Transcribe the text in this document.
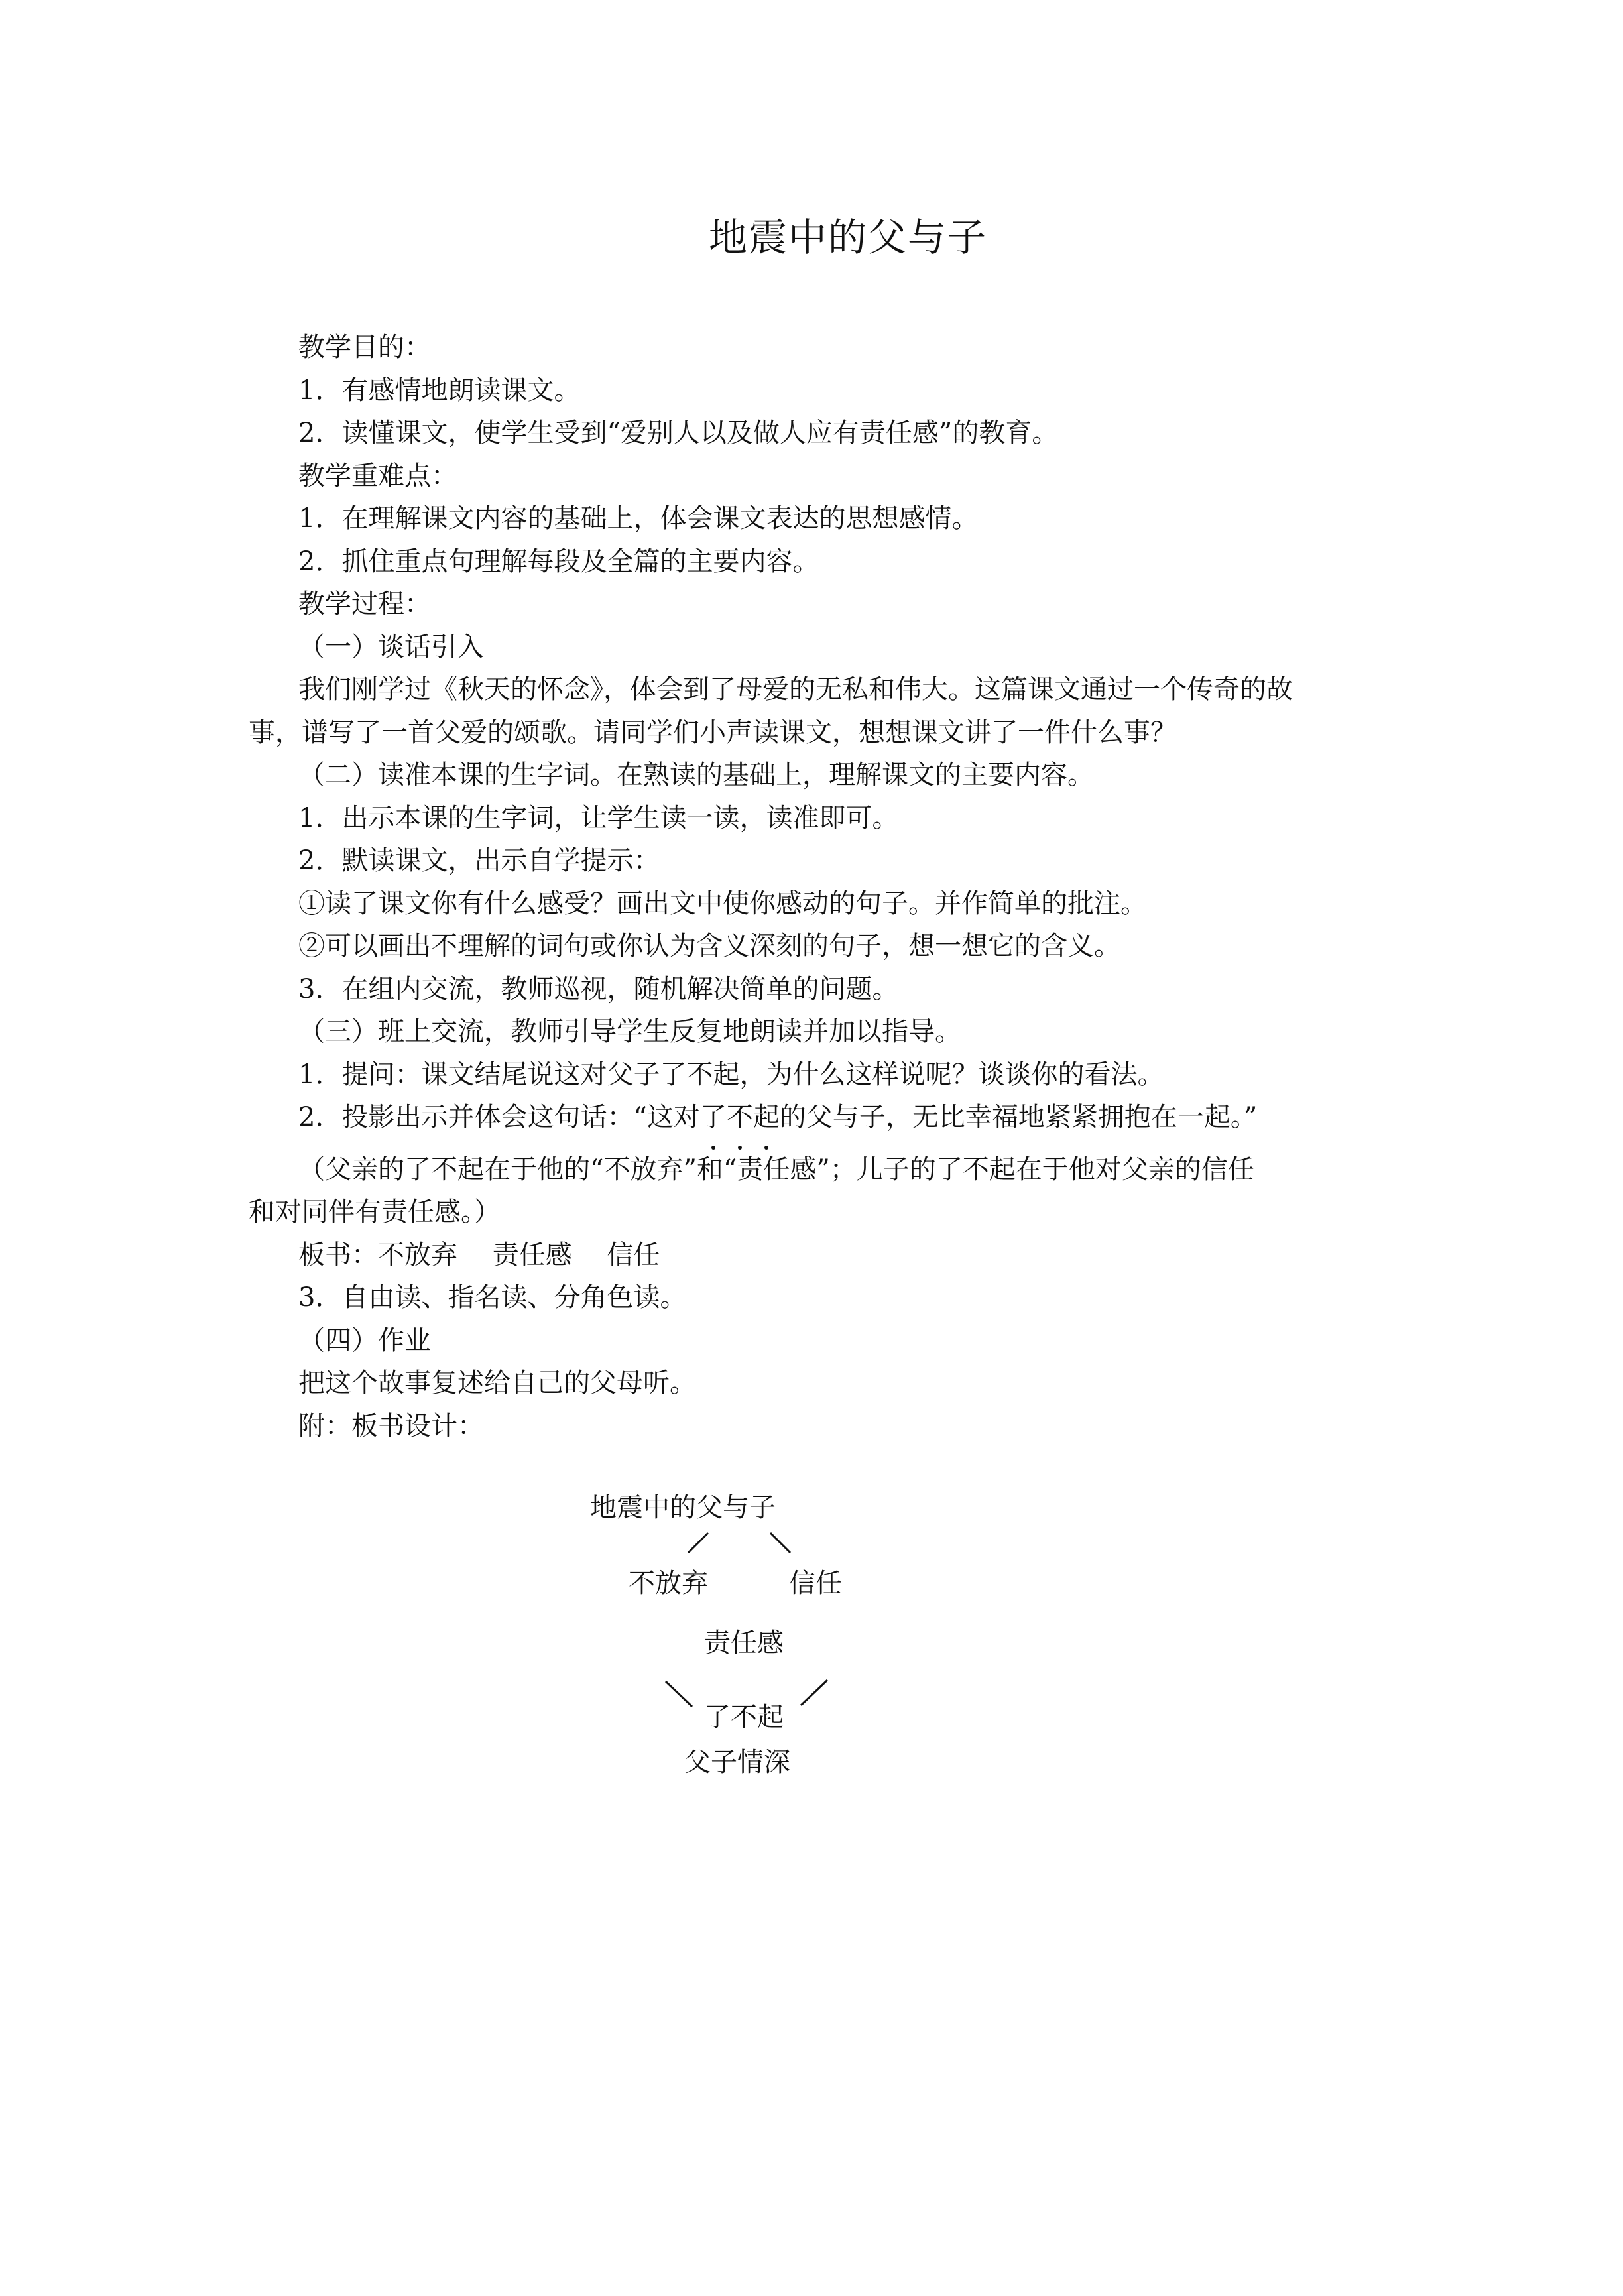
地震中的父与子

教学目的：

1．有感情地朗读课文。

2．读懂课文，使学生受到“爱别人以及做人应有责任感”的教育。

教学重难点：

1．在理解课文内容的基础上，体会课文表达的思想感情。

2．抓住重点句理解每段及全篇的主要内容。

教学过程：

（一）谈话引入

我们刚学过《秋天的怀念》，体会到了母爱的无私和伟大。这篇课文通过一个传奇的故

事，谱写了一首父爱的颂歌。请同学们小声读课文，想想课文讲了一件什么事？

（二）读准本课的生字词。在熟读的基础上，理解课文的主要内容。

1．出示本课的生字词，让学生读一读，读准即可。

2．默读课文，出示自学提示：

①读了课文你有什么感受？画出文中使你感动的句子。并作简单的批注。

②可以画出不理解的词句或你认为含义深刻的句子，想一想它的含义。

3．在组内交流，教师巡视，随机解决简单的问题。

（三）班上交流，教师引导学生反复地朗读并加以指导。

1．提问：课文结尾说这对父子了不起，为什么这样说呢？谈谈你的看法。

2．投影出示并体会这句话：“这对了不起的父与子，无比幸福地紧紧拥抱在一起。”

（父亲的了不起在于他的“不放弃”和“责任感”；儿子的了不起在于他对父亲的信任

和对同伴有责任感。）

板书：不放弃　 责任感　 信任

3．自由读、指名读、分角色读。

（四）作业

把这个故事复述给自己的父母听。

附：板书设计：

地震中的父与子
不放弃	信任
责任感
了不起
父子情深
